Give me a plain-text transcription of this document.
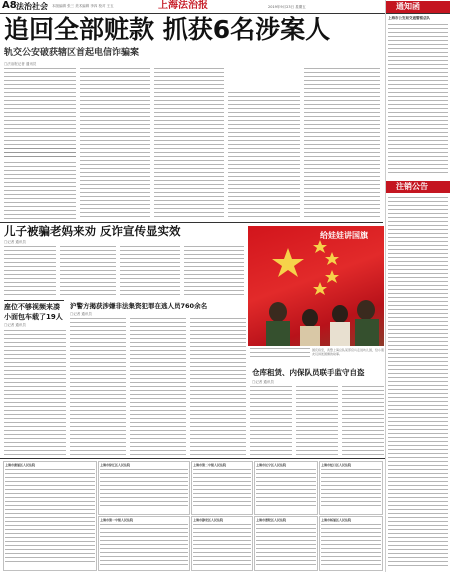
A8 法治社会 本版编辑 张三 美术编辑 李四 校对 王五	上海法治报	2019年9月23日 星期五
追回全部赃款 抓获6名涉案人
轨交公安破获辖区首起电信诈骗案
□法治报记者 通讯员
通知函
上海市公安局交通警察总队
注销公告
儿子被骗老妈来劝 反诈宣传显实效
□记者 通讯员
给娃娃讲国旗
座位不够视频来凑
小面包车载了19人
□记者 通讯员
沪警方揭获涉嫌非法集资犯罪在逃人员760余名
□记者 通讯员
国庆将至，武警上海总队某部官兵走进幼儿园，给小朋友们讲述国旗的故事。
仓库租赁、内保队员联手监守自盗
□记者 通讯员
上海市黄浦区人民法院	上海市徐汇区人民法院
上海市第一中级人民法院
上海市第二中级人民法院
上海市静安区人民法院
上海市长宁区人民法院
上海市普陀区人民法院
上海市虹口区人民法院
上海市杨浦区人民法院
